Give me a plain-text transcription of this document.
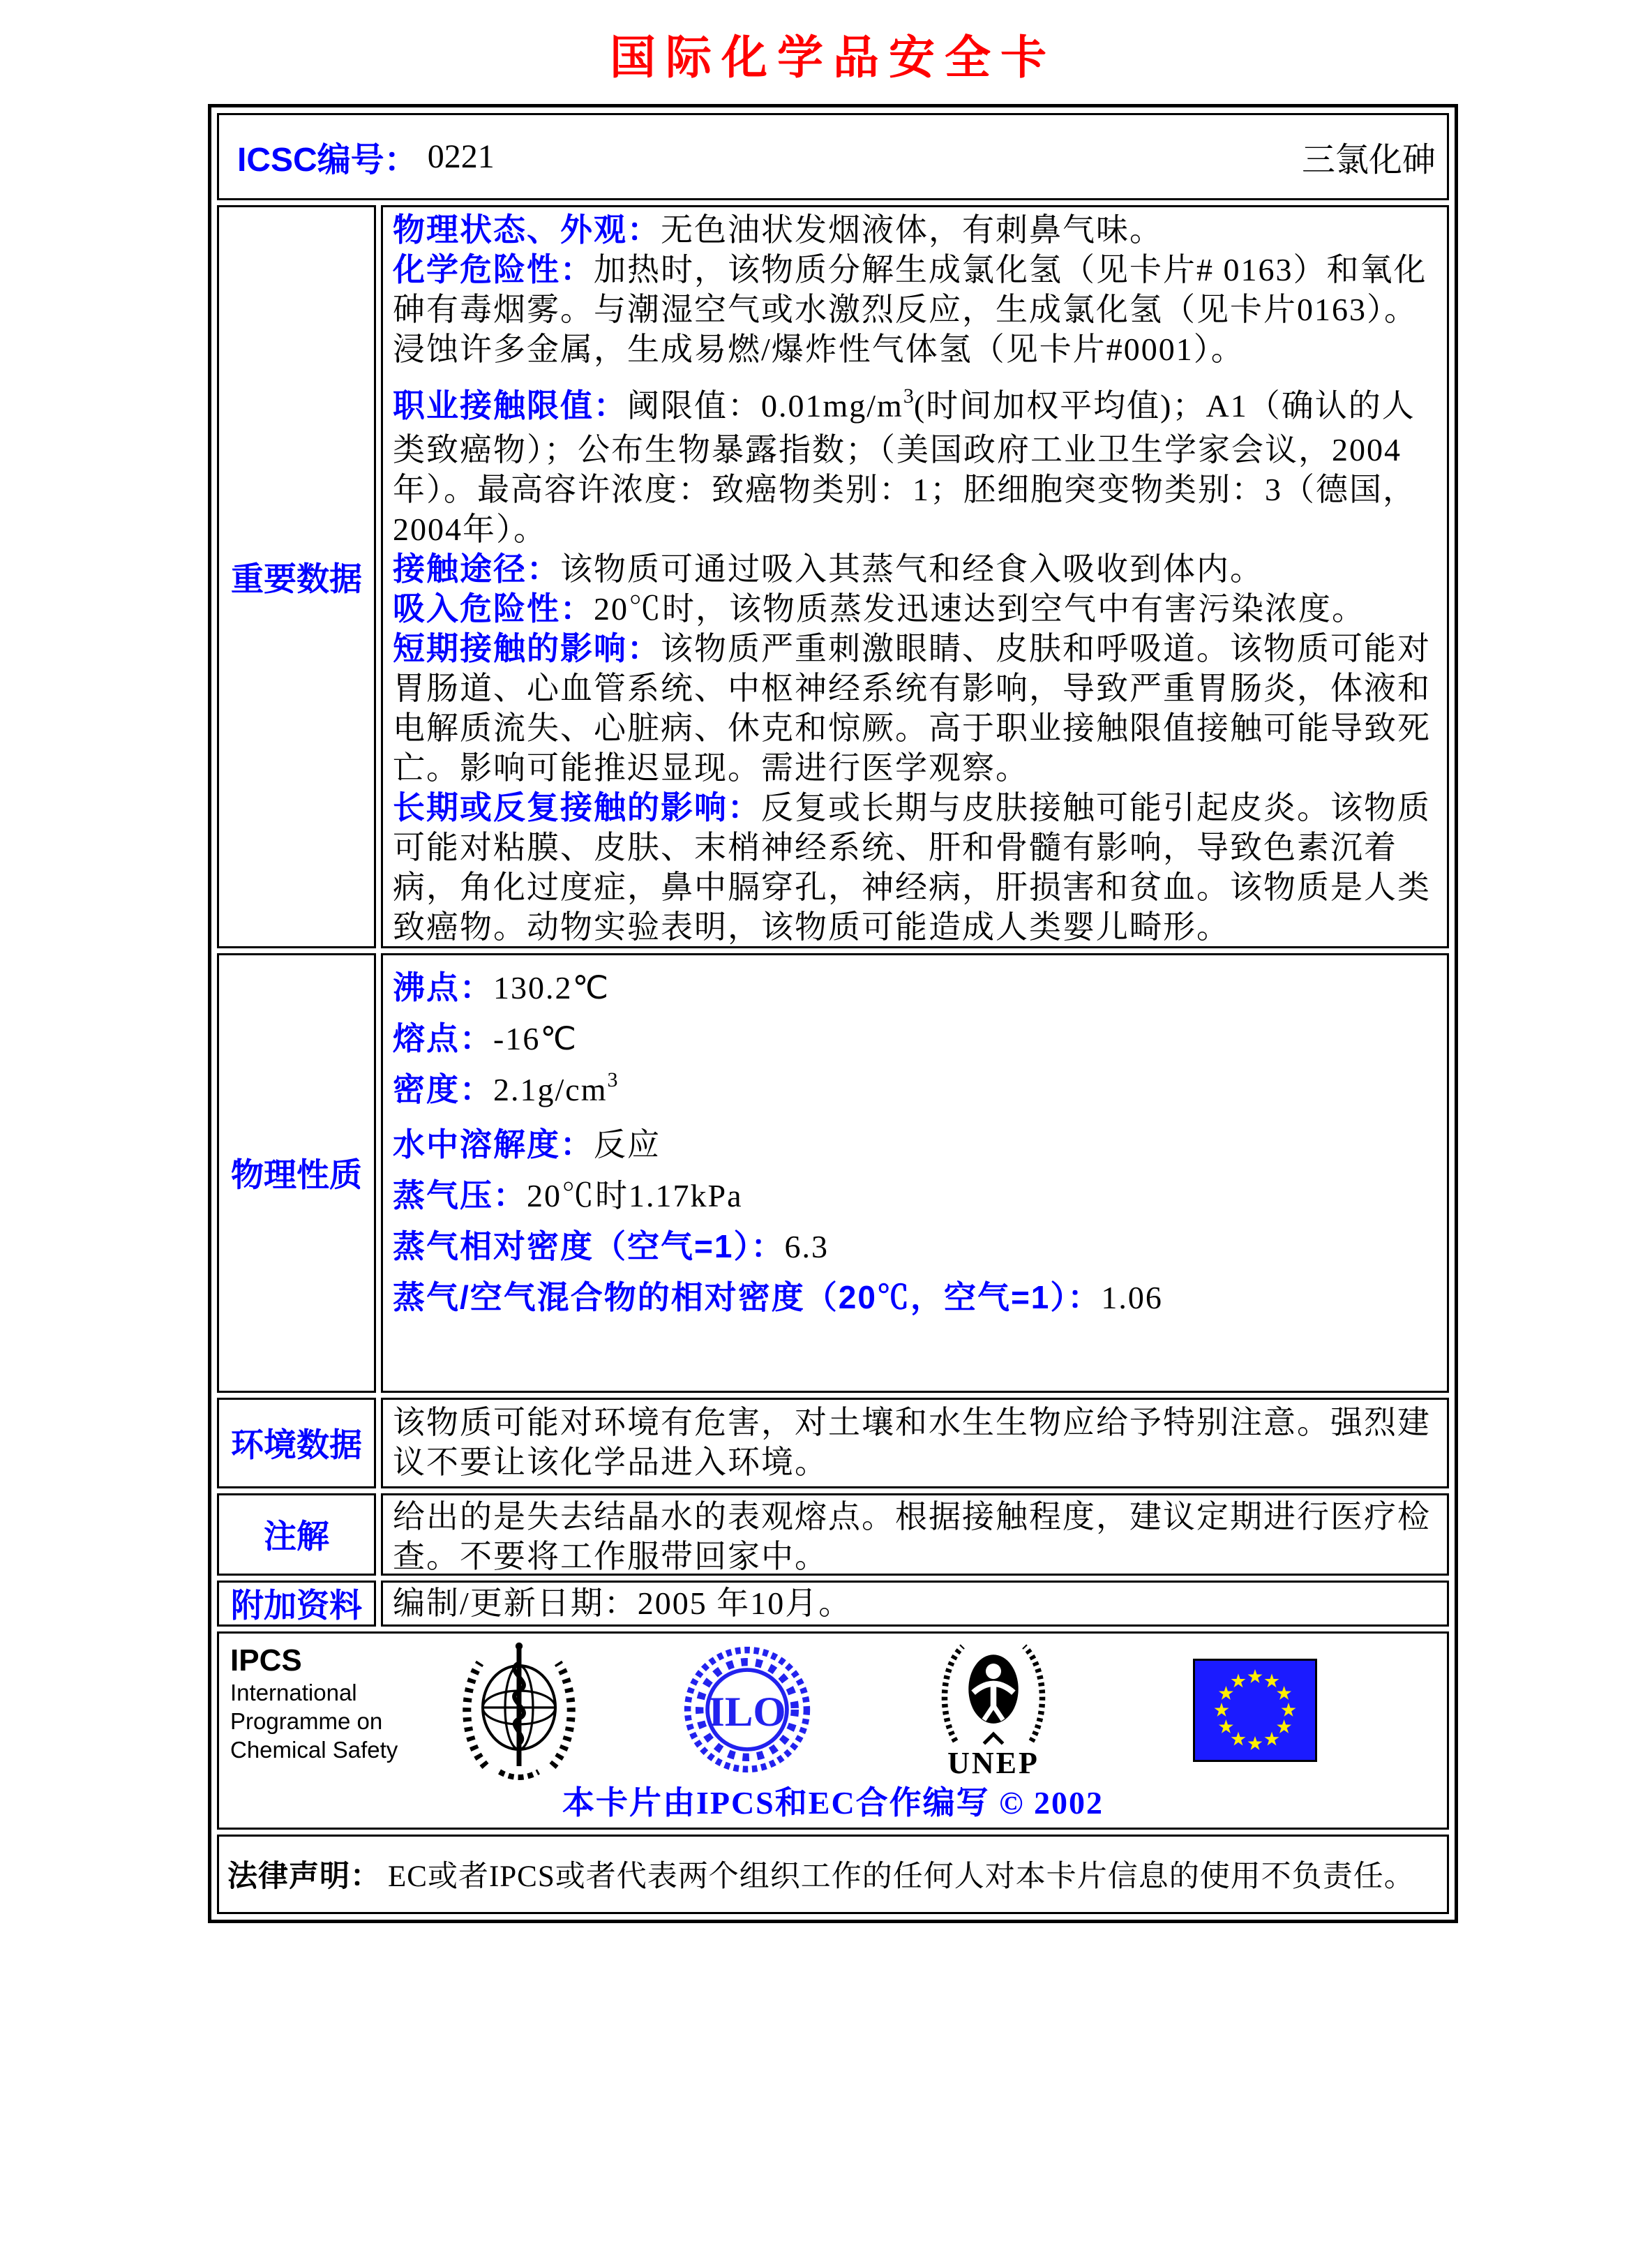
国际化学品安全卡
ICSC编号： 0221	三氯化砷
重要数据
物理状态、外观：无色油状发烟液体，有刺鼻气味。
化学危险性：加热时，该物质分解生成氯化氢（见卡片# 0163）和氧化砷有毒烟雾。与潮湿空气或水激烈反应，生成氯化氢（见卡片0163）。浸蚀许多金属，生成易燃/爆炸性气体氢（见卡片#0001）。
职业接触限值：阈限值：$0.01mg/m^3$(时间加权平均值)；A1（确认的人类致癌物）；公布生物暴露指数；（美国政府工业卫生学家会议，2004年）。最高容许浓度：致癌物类别：1；胚细胞突变物类别：3（德国，2004年）。
接触途径：该物质可通过吸入其蒸气和经食入吸收到体内。
吸入危险性：20℃时，该物质蒸发迅速达到空气中有害污染浓度。
短期接触的影响：该物质严重刺激眼睛、皮肤和呼吸道。该物质可能对胃肠道、心血管系统、中枢神经系统有影响，导致严重胃肠炎，体液和电解质流失、心脏病、休克和惊厥。高于职业接触限值接触可能导致死亡。影响可能推迟显现。需进行医学观察。
长期或反复接触的影响：反复或长期与皮肤接触可能引起皮炎。该物质可能对粘膜、皮肤、末梢神经系统、肝和骨髓有影响，导致色素沉着病，角化过度症，鼻中膈穿孔，神经病，肝损害和贫血。该物质是人类致癌物。动物实验表明，该物质可能造成人类婴儿畸形。
物理性质
沸点：130.2℃
熔点：-16℃
密度：$2.1g/cm^3$
水中溶解度：反应
蒸气压：20℃时1.17kPa
蒸气相对密度（空气=1）：6.3
蒸气/空气混合物的相对密度（20℃，空气=1）：1.06
环境数据
该物质可能对环境有危害，对土壤和水生生物应给予特别注意。强烈建议不要让该化学品进入环境。
注解
给出的是失去结晶水的表观熔点。根据接触程度，建议定期进行医疗检查。不要将工作服带回家中。
附加资料 编制/更新日期：2005 年10月。
IPCS
International
Programme on
Chemical Safety
ILO
UNEP
本卡片由IPCS和EC合作编写 © 2002
法律声明： EC或者IPCS或者代表两个组织工作的任何人对本卡片信息的使用不负责任。
